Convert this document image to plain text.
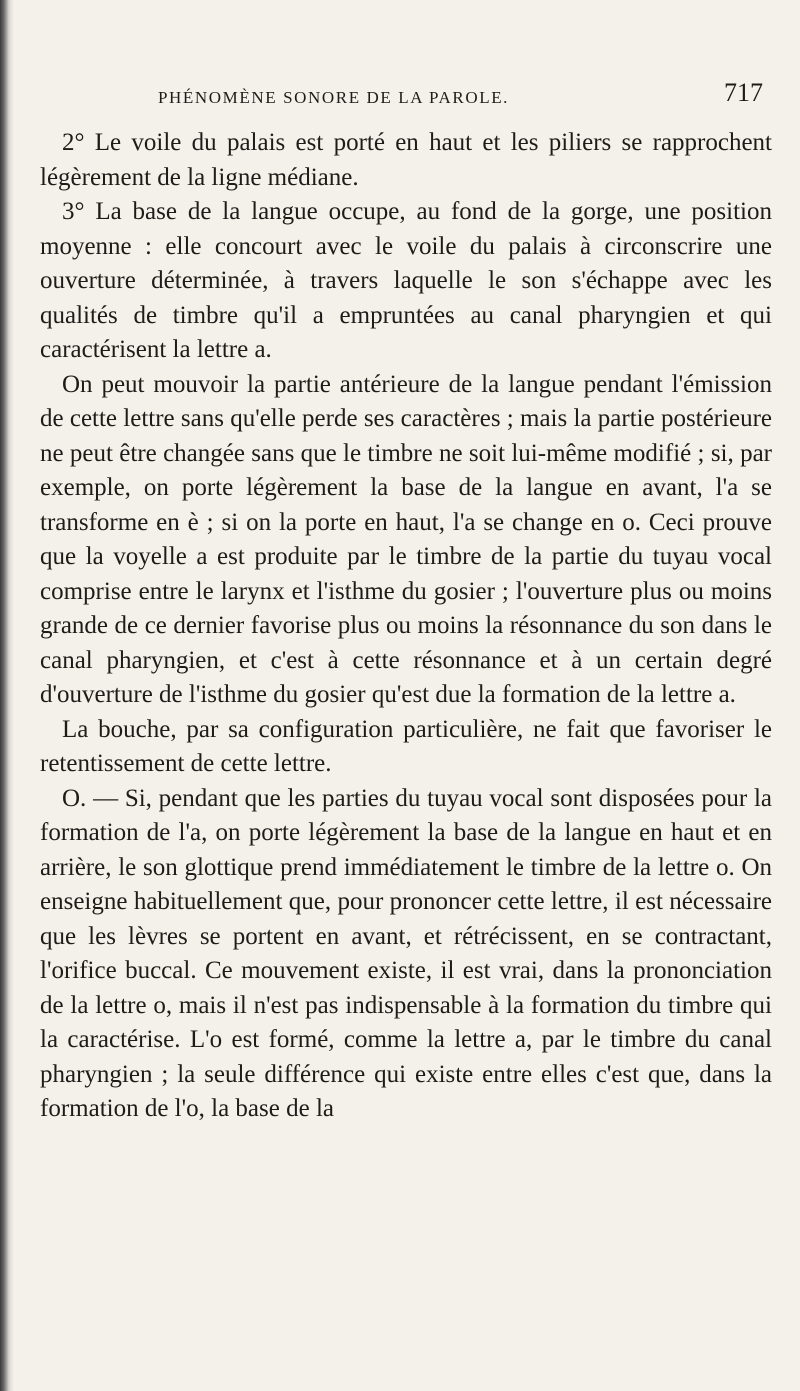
PHÉNOMÈNE SONORE DE LA PAROLE.	717

2° Le voile du palais est porté en haut et les piliers se rapprochent légèrement de la ligne médiane.

3° La base de la langue occupe, au fond de la gorge, une position moyenne : elle concourt avec le voile du palais à circonscrire une ouverture déterminée, à travers laquelle le son s'échappe avec les qualités de timbre qu'il a empruntées au canal pharyngien et qui caractérisent la lettre a.

On peut mouvoir la partie antérieure de la langue pendant l'émission de cette lettre sans qu'elle perde ses caractères ; mais la partie postérieure ne peut être changée sans que le timbre ne soit lui-même modifié ; si, par exemple, on porte légèrement la base de la langue en avant, l'a se transforme en è ; si on la porte en haut, l'a se change en o. Ceci prouve que la voyelle a est produite par le timbre de la partie du tuyau vocal comprise entre le larynx et l'isthme du gosier ; l'ouverture plus ou moins grande de ce dernier favorise plus ou moins la résonnance du son dans le canal pharyngien, et c'est à cette résonnance et à un certain degré d'ouverture de l'isthme du gosier qu'est due la formation de la lettre a.

La bouche, par sa configuration particulière, ne fait que favoriser le retentissement de cette lettre.

O. — Si, pendant que les parties du tuyau vocal sont disposées pour la formation de l'a, on porte légèrement la base de la langue en haut et en arrière, le son glottique prend immédiatement le timbre de la lettre o. On enseigne habituellement que, pour prononcer cette lettre, il est nécessaire que les lèvres se portent en avant, et rétrécissent, en se contractant, l'orifice buccal. Ce mouvement existe, il est vrai, dans la prononciation de la lettre o, mais il n'est pas indispensable à la formation du timbre qui la caractérise. L'o est formé, comme la lettre a, par le timbre du canal pharyngien ; la seule différence qui existe entre elles c'est que, dans la formation de l'o, la base de la
